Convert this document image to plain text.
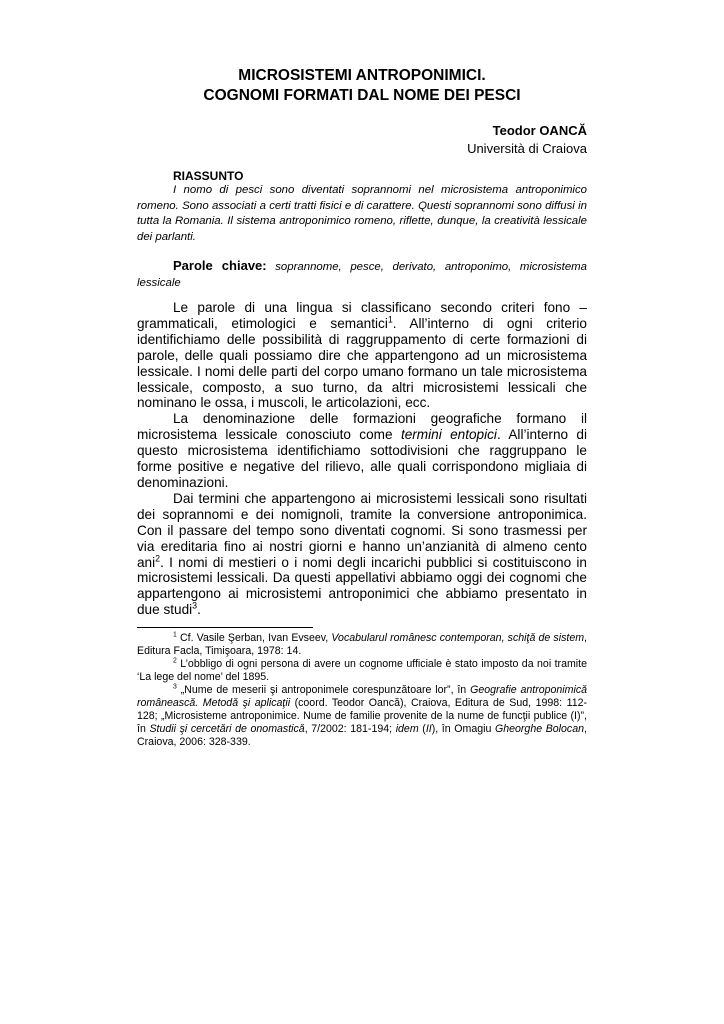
MICROSISTEMI ANTROPONIMICI.
COGNOMI FORMATI DAL NOME DEI PESCI
Teodor OANCĂ
Università di Craiova
RIASSUNTO
I nomo di pesci sono diventati soprannomi nel microsistema antroponimico romeno. Sono associati a certi tratti fisici e di carattere. Questi soprannomi sono diffusi in tutta la Romania. Il sistema antroponimico romeno, riflette, dunque, la creatività lessicale dei parlanti.
Parole chiave: soprannome, pesce, derivato, antroponimo, microsistema lessicale

Le parole di una lingua si classificano secondo criteri fono – grammaticali, etimologici e semantici$^1$. All’interno di ogni criterio identifichiamo delle possibilità di raggruppamento di certe formazioni di parole, delle quali possiamo dire che appartengono ad un microsistema lessicale. I nomi delle parti del corpo umano formano un tale microsistema lessicale, composto, a suo turno, da altri microsistemi lessicali che nominano le ossa, i muscoli, le articolazioni, ecc.

La denominazione delle formazioni geografiche formano il microsistema lessicale conosciuto come termini entopici. All’interno di questo microsistema identifichiamo sottodivisioni che raggruppano le forme positive e negative del rilievo, alle quali corrispondono migliaia di denominazioni.

Dai termini che appartengono ai microsistemi lessicali sono risultati dei soprannomi e dei nomignoli, tramite la conversione antroponimica. Con il passare del tempo sono diventati cognomi. Si sono trasmessi per via ereditaria fino ai nostri giorni e hanno un’anzianità di almeno cento ani$^2$. I nomi di mestieri o i nomi degli incarichi pubblici si costituiscono in microsistemi lessicali. Da questi appellativi abbiamo oggi dei cognomi che appartengono ai microsistemi antroponimici che abbiamo presentato in due studi$^3$.

$^1$ Cf. Vasile Şerban, Ivan Evseev, Vocabularul românesc contemporan, schiţă de sistem, Editura Facla, Timişoara, 1978: 14.

$^2$ L’obbligo di ogni persona di avere un cognome ufficiale è stato imposto da noi tramite ‘La lege del nome’ del 1895.

$^3$ „Nume de meserii şi antroponimele corespunzătoare lor”, în Geografie antroponimică românească. Metodă şi aplicaţii (coord. Teodor Oancă), Craiova, Editura de Sud, 1998: 112-128; „Microsisteme antroponimice. Nume de familie provenite de la nume de funcţii publice (I)”, în Studii şi cercetări de onomastică, 7/2002: 181-194; idem (II), în Omagiu Gheorghe Bolocan, Craiova, 2006: 328-339.
